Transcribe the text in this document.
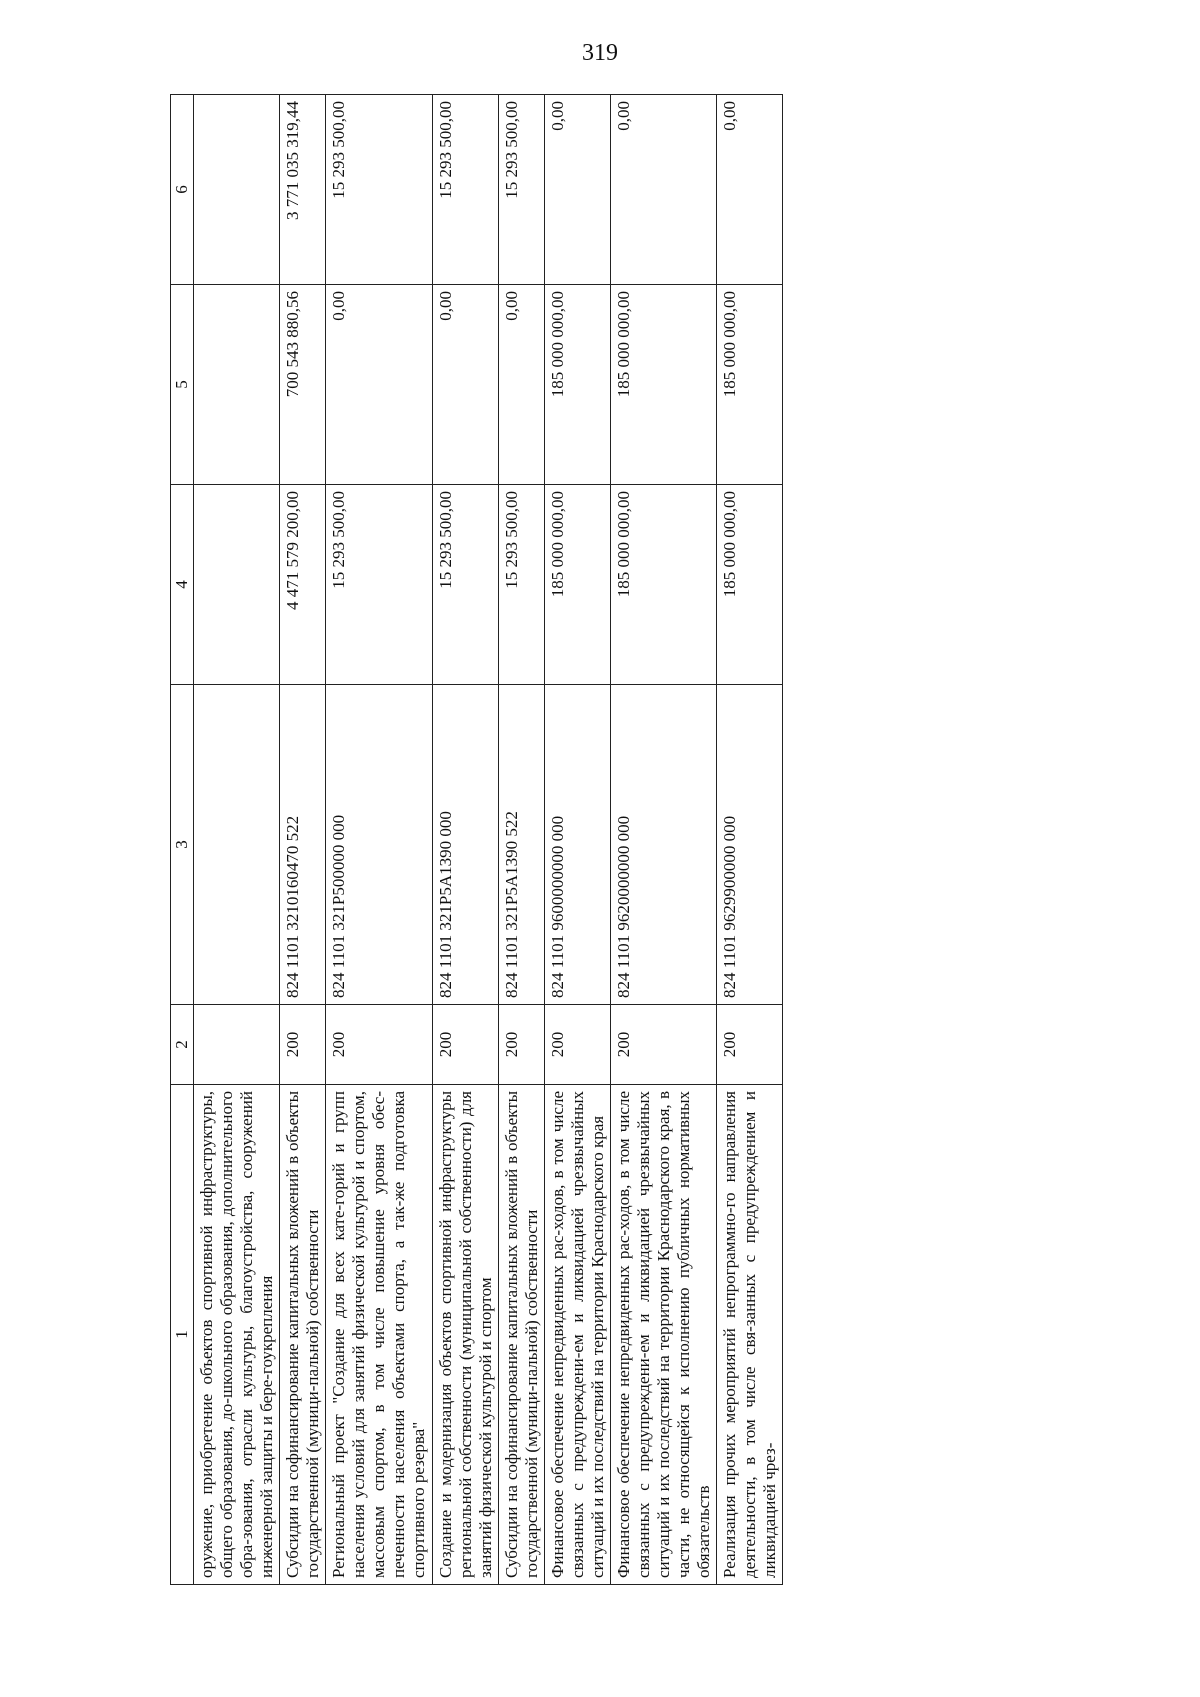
319
1	2	3	4	5	6
оружение, приобретение объектов спортивной инфраструктуры, общего образования, до-школьного образования, дополнительного обра-зования, отрасли культуры, благоустройства, сооружений инженерной защиты и бере-гоукрепления					
Субсидии на софинансирование капитальных вложений в объекты государственной (муници-пальной) собственности	200	824 1101 3210160470 522	4 471 579 200,00	700 543 880,56	3 771 035 319,44
Региональный проект "Создание для всех кате-горий и групп населения условий для занятий физической культурой и спортом, массовым спортом, в том числе повышение уровня обес-печенности населения объектами спорта, а так-же подготовка спортивного резерва"	200	824 1101 321P500000 000	15 293 500,00	0,00	15 293 500,00
Создание и модернизация объектов спортивной инфраструктуры региональной собственности (муниципальной собственности) для занятий физической культурой и спортом	200	824 1101 321P5A1390 000	15 293 500,00	0,00	15 293 500,00
Субсидии на софинансирование капитальных вложений в объекты государственной (муници-пальной) собственности	200	824 1101 321P5A1390 522	15 293 500,00	0,00	15 293 500,00
Финансовое обеспечение непредвиденных рас-ходов, в том числе связанных с предупреждени-ем и ликвидацией чрезвычайных ситуаций и их последствий на территории Краснодарского края	200	824 1101 9600000000 000	185 000 000,00	185 000 000,00	0,00
Финансовое обеспечение непредвиденных рас-ходов, в том числе связанных с предупреждени-ем и ликвидацией чрезвычайных ситуаций и их последствий на территории Краснодарского края, в части, не относящейся к исполнению публичных нормативных обязательств	200	824 1101 9620000000 000	185 000 000,00	185 000 000,00	0,00
Реализация прочих мероприятий непрограммно-го направления деятельности, в том числе свя-занных с предупреждением и ликвидацией чрез-	200	824 1101 9629900000 000	185 000 000,00	185 000 000,00	0,00
